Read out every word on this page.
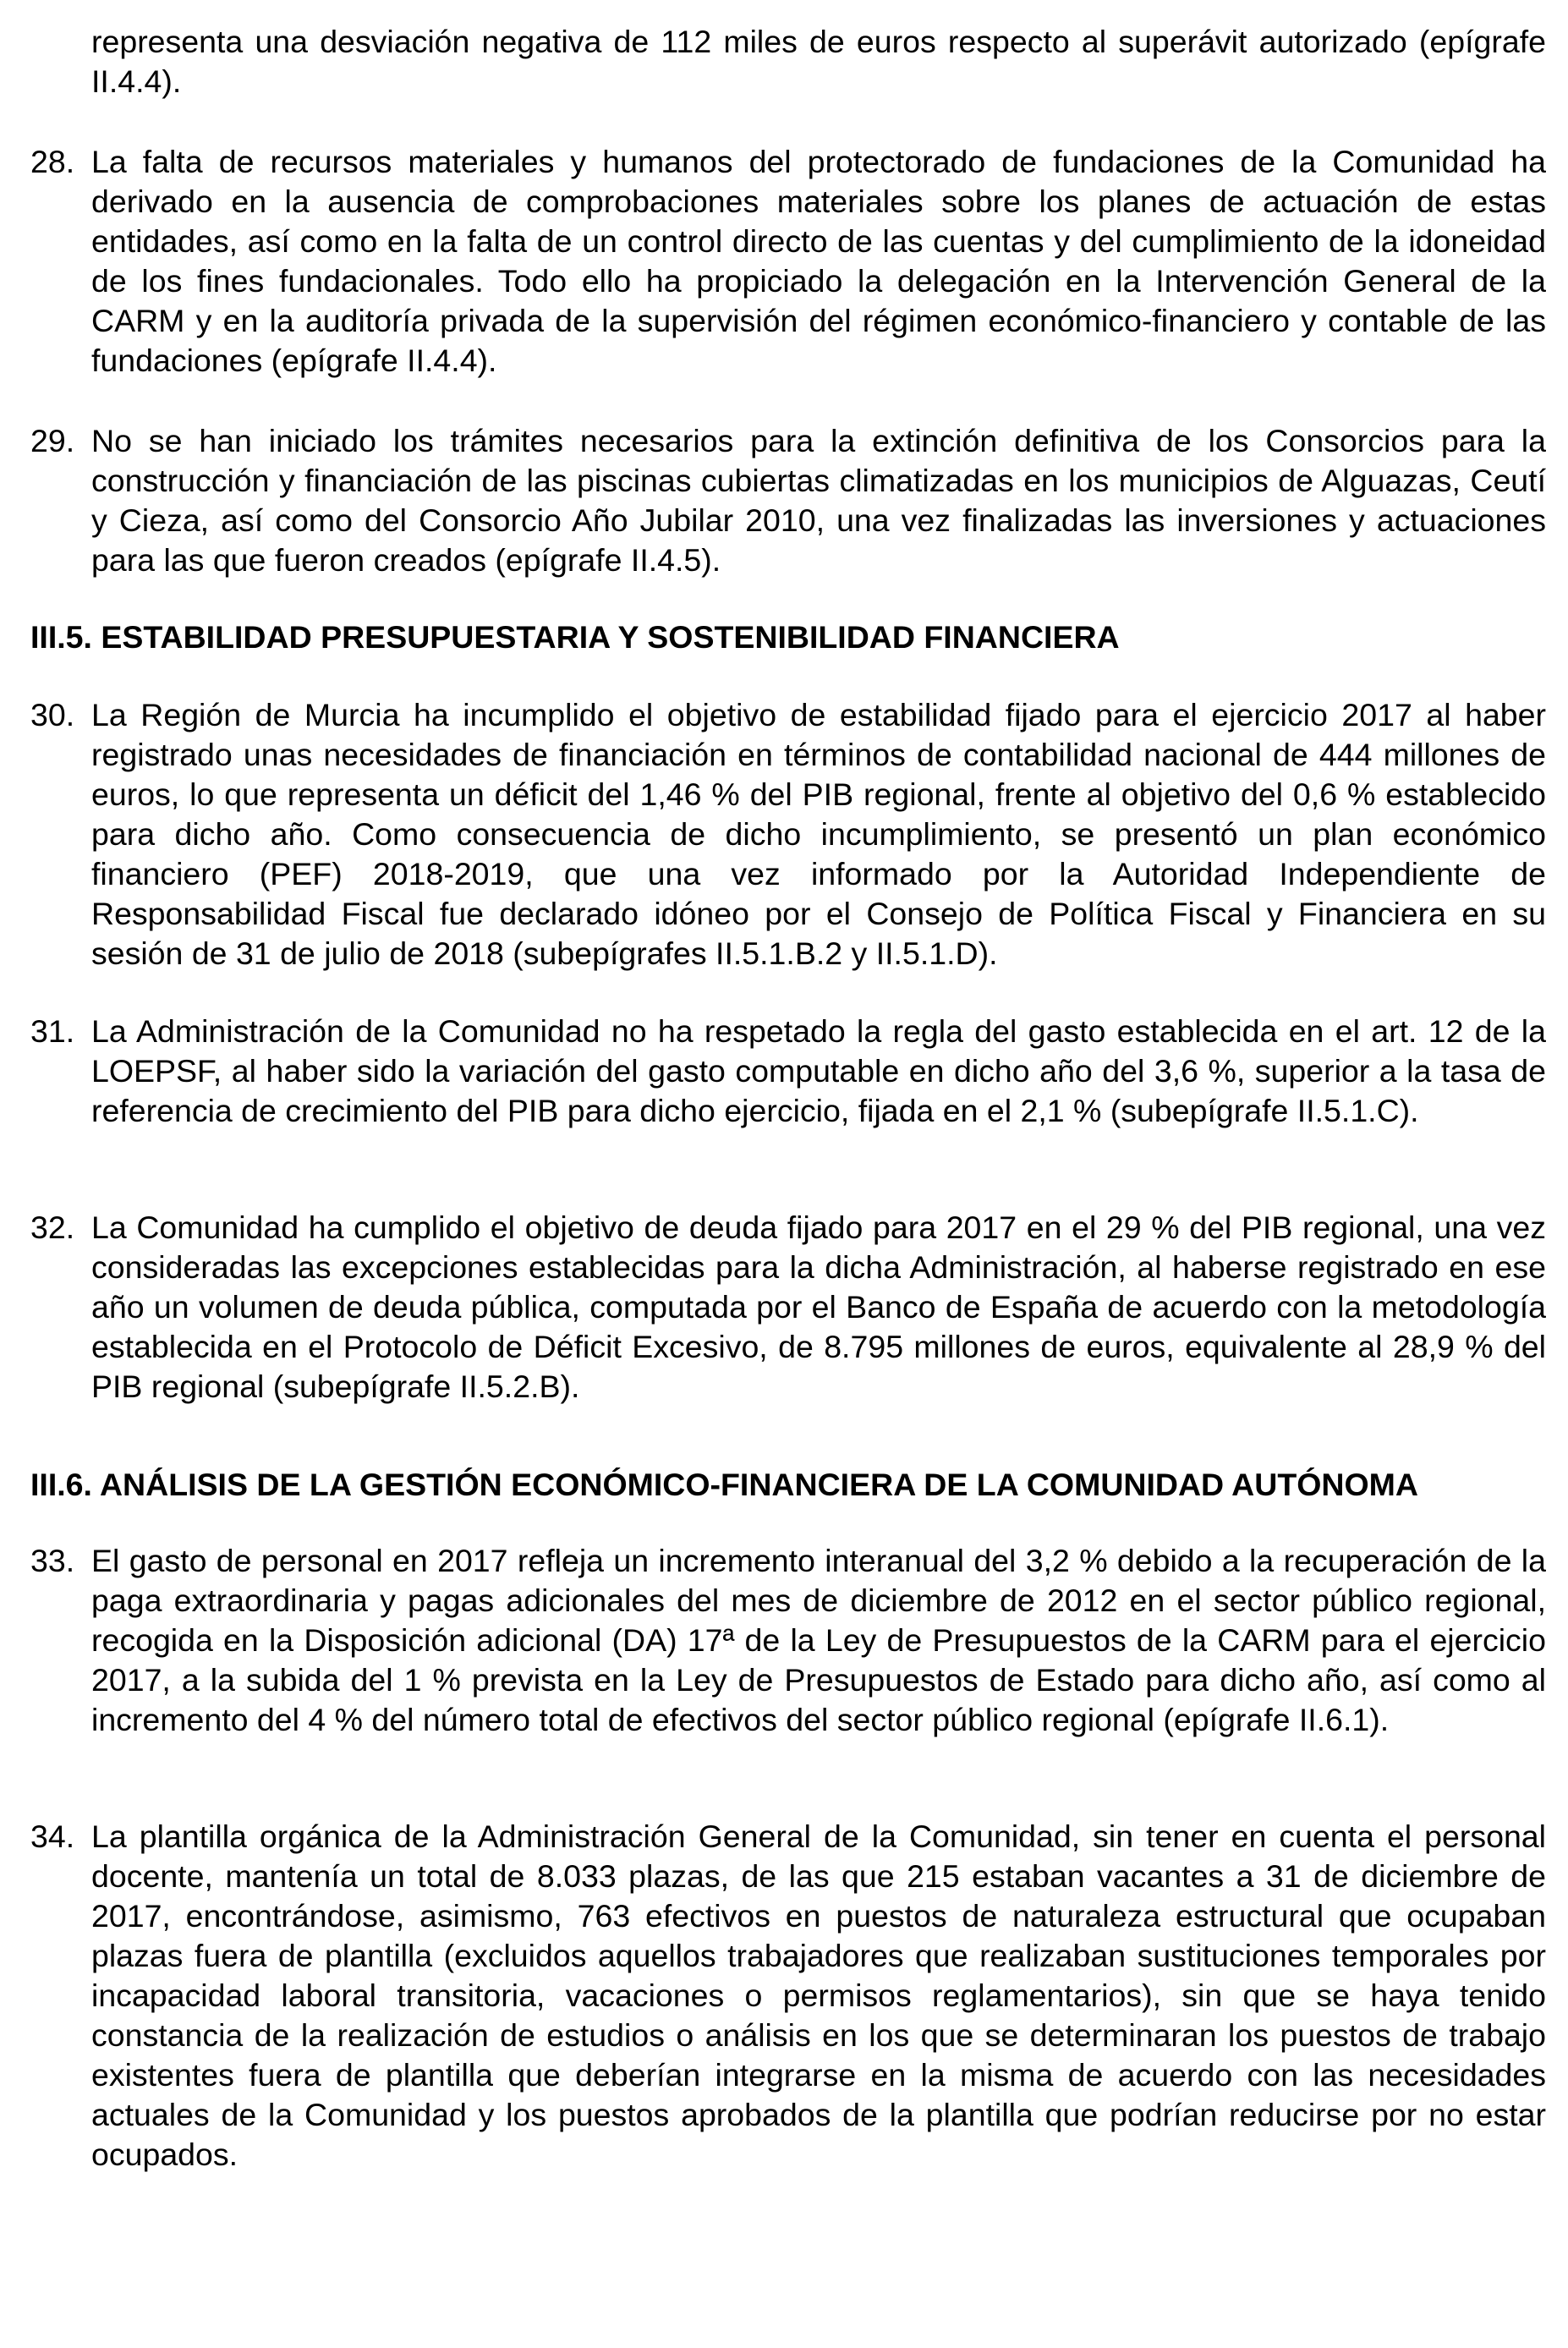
representa una desviación negativa de 112 miles de euros respecto al superávit autorizado (epígrafe II.4.4).
28. La falta de recursos materiales y humanos del protectorado de fundaciones de la Comunidad ha derivado en la ausencia de comprobaciones materiales sobre los planes de actuación de estas entidades, así como en la falta de un control directo de las cuentas y del cumplimiento de la idoneidad de los fines fundacionales. Todo ello ha propiciado la delegación en la Intervención General de la CARM y en la auditoría privada de la supervisión del régimen económico-financiero y contable de las fundaciones (epígrafe II.4.4).
29. No se han iniciado los trámites necesarios para la extinción definitiva de los Consorcios para la construcción y financiación de las piscinas cubiertas climatizadas en los municipios de Alguazas, Ceutí y Cieza, así como del Consorcio Año Jubilar 2010, una vez finalizadas las inversiones y actuaciones para las que fueron creados (epígrafe II.4.5).
III.5. ESTABILIDAD PRESUPUESTARIA Y SOSTENIBILIDAD FINANCIERA
30. La Región de Murcia ha incumplido el objetivo de estabilidad fijado para el ejercicio 2017 al haber registrado unas necesidades de financiación en términos de contabilidad nacional de 444 millones de euros, lo que representa un déficit del 1,46 % del PIB regional, frente al objetivo del 0,6 % establecido para dicho año. Como consecuencia de dicho incumplimiento, se presentó un plan económico financiero (PEF) 2018-2019, que una vez informado por la Autoridad Independiente de Responsabilidad Fiscal fue declarado idóneo por el Consejo de Política Fiscal y Financiera en su sesión de 31 de julio de 2018 (subepígrafes II.5.1.B.2 y II.5.1.D).
31. La Administración de la Comunidad no ha respetado la regla del gasto establecida en el art. 12 de la LOEPSF, al haber sido la variación del gasto computable en dicho año del 3,6 %, superior a la tasa de referencia de crecimiento del PIB para dicho ejercicio, fijada en el 2,1 % (subepígrafe II.5.1.C).
32. La Comunidad ha cumplido el objetivo de deuda fijado para 2017 en el 29 % del PIB regional, una vez consideradas las excepciones establecidas para la dicha Administración, al haberse registrado en ese año un volumen de deuda pública, computada por el Banco de España de acuerdo con la metodología establecida en el Protocolo de Déficit Excesivo, de 8.795 millones de euros, equivalente al 28,9 % del PIB regional (subepígrafe II.5.2.B).
III.6. ANÁLISIS DE LA GESTIÓN ECONÓMICO-FINANCIERA DE LA COMUNIDAD AUTÓNOMA
33. El gasto de personal en 2017 refleja un incremento interanual del 3,2 % debido a la recuperación de la paga extraordinaria y pagas adicionales del mes de diciembre de 2012 en el sector público regional, recogida en la Disposición adicional (DA) 17ª de la Ley de Presupuestos de la CARM para el ejercicio 2017, a la subida del 1 % prevista en la Ley de Presupuestos de Estado para dicho año, así como al incremento del 4 % del número total de efectivos del sector público regional (epígrafe II.6.1).
34. La plantilla orgánica de la Administración General de la Comunidad, sin tener en cuenta el personal docente, mantenía un total de 8.033 plazas, de las que 215 estaban vacantes a 31 de diciembre de 2017, encontrándose, asimismo, 763 efectivos en puestos de naturaleza estructural que ocupaban plazas fuera de plantilla (excluidos aquellos trabajadores que realizaban sustituciones temporales por incapacidad laboral transitoria, vacaciones o permisos reglamentarios), sin que se haya tenido constancia de la realización de estudios o análisis en los que se determinaran los puestos de trabajo existentes fuera de plantilla que deberían integrarse en la misma de acuerdo con las necesidades actuales de la Comunidad y los puestos aprobados de la plantilla que podrían reducirse por no estar ocupados.
